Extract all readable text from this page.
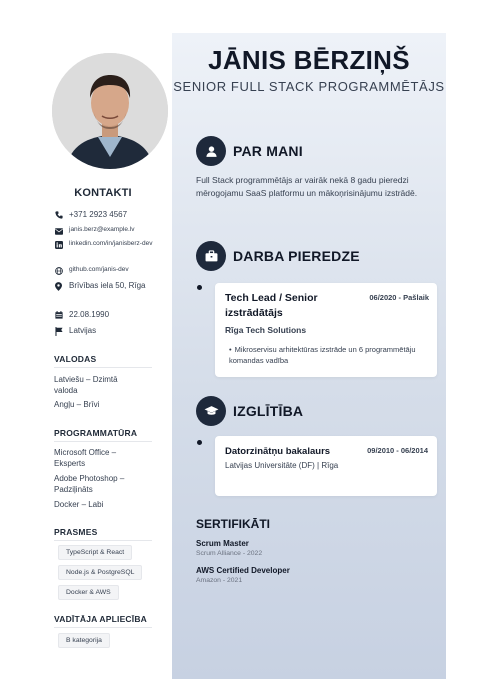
KONTAKTI
+371 2923 4567
janis.berz@example.lv
linkedin.com/in/janisberz-dev
github.com/janis-dev
Brīvības iela 50, Rīga
22.08.1990
Latvijas
VALODAS
Latviešu – Dzimtā valoda
Angļu – Brīvi
PROGRAMMATŪRA
Microsoft Office – Eksperts
Adobe Photoshop – Padziļināts
Docker – Labi
PRASMES
TypeScript & React
Node.js & PostgreSQL
Docker & AWS
VADĪTĀJA APLIECĪBA
B kategorija
JĀNIS BĒRZIŅŠ
SENIOR FULL STACK PROGRAMMĒTĀJS
PAR MANI
Full Stack programmētājs ar vairāk nekā 8 gadu pieredzi mērogojamu SaaS platformu un mākoņrisinājumu izstrādē.
DARBA PIEREDZE
Tech Lead / Senior izstrādātājs
06/2020 - Pašlaik
Rīga Tech Solutions
• Mikroservisu arhitektūras izstrāde un 6 programmētāju komandas vadība
IZGLĪTĪBA
Datorzinātņu bakalaurs	09/2010 - 06/2014
Latvijas Universitāte (DF) | Rīga
SERTIFIKĀTI
Scrum Master
Scrum Alliance - 2022
AWS Certified Developer
Amazon - 2021
